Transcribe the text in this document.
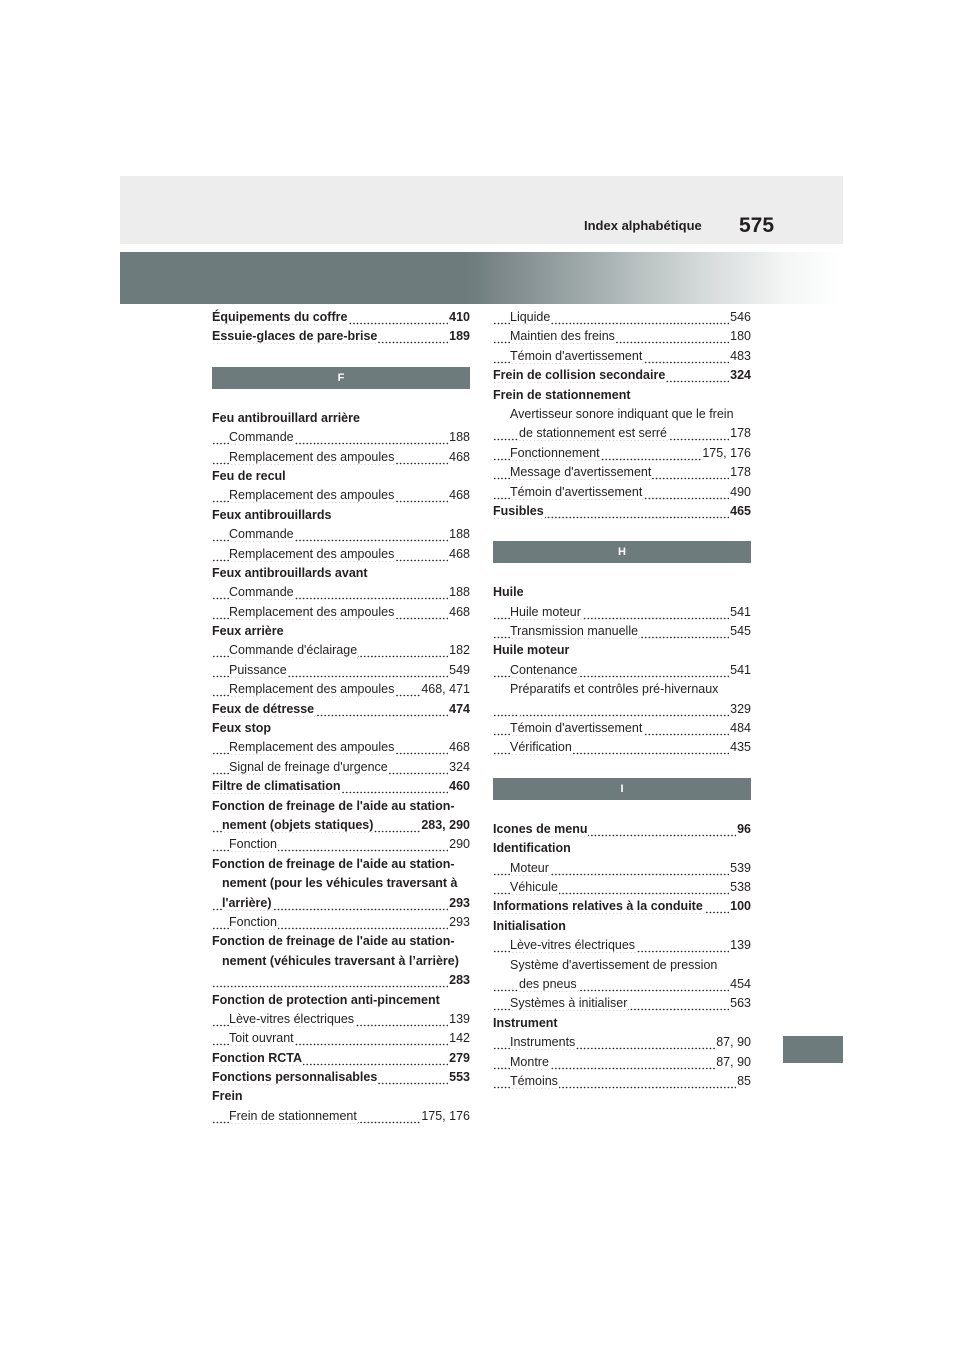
Index alphabétique 575
410
Équipements du coffre
189
Essuie-glaces de pare-brise
F
Feu antibrouillard arrière
188
Commande
468
Remplacement des ampoules
Feu de recul
468
Remplacement des ampoules
Feux antibrouillards
188
Commande
468
Remplacement des ampoules
Feux antibrouillards avant
188
Commande
468
Remplacement des ampoules
Feux arrière
182
Commande d'éclairage
549
Puissance
468, 471
Remplacement des ampoules
474
Feux de détresse
Feux stop
468
Remplacement des ampoules
324
Signal de freinage d'urgence
460
Filtre de climatisation
Fonction de freinage de l'aide au station-
283, 290
nement (objets statiques)
290
Fonction
Fonction de freinage de l'aide au station-
nement (pour les véhicules traversant à
293
l'arrière)
293
Fonction
Fonction de freinage de l'aide au station-
nement (véhicules traversant à l’arrière)
283
Fonction de protection anti-pincement
139
Lève-vitres électriques
142
Toit ouvrant
279
Fonction RCTA
553
Fonctions personnalisables
Frein
175, 176
Frein de stationnement
546
Liquide
180
Maintien des freins
483
Témoin d'avertissement
324
Frein de collision secondaire
Frein de stationnement
Avertisseur sonore indiquant que le frein
178
de stationnement est serré
175, 176
Fonctionnement
178
Message d'avertissement
490
Témoin d'avertissement
465
Fusibles
H
Huile
541
Huile moteur
545
Transmission manuelle
Huile moteur
541
Contenance
Préparatifs et contrôles pré-hivernaux
329
484
Témoin d'avertissement
435
Vérification
I
96
Icones de menu
Identification
539
Moteur
538
Véhicule
100
Informations relatives à la conduite
Initialisation
139
Lève-vitres électriques
Système d'avertissement de pression
454
des pneus
563
Systèmes à initialiser
Instrument
87, 90
Instruments
87, 90
Montre
85
Témoins
